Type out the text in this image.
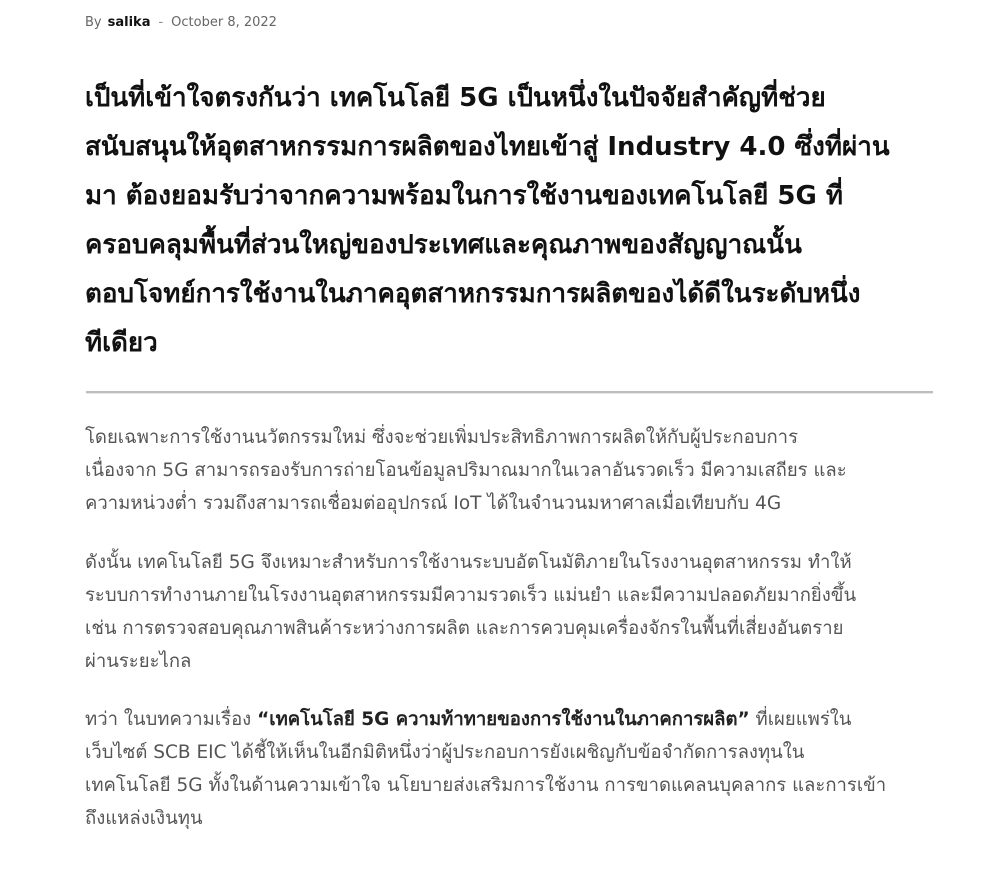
By salika - October 8, 2022
เป็นที่เข้าใจตรงกันว่า เทคโนโลยี 5G เป็นหนึ่งในปัจจัยสำคัญที่ช่วย
สนับสนุนให้อุตสาหกรรมการผลิตของไทยเข้าสู่ Industry 4.0 ซึ่งที่ผ่าน
มา ต้องยอมรับว่าจากความพร้อมในการใช้งานของเทคโนโลยี 5G ที่
ครอบคลุมพื้นที่ส่วนใหญ่ของประเทศและคุณภาพของสัญญาณนั้น
ตอบโจทย์การใช้งานในภาคอุตสาหกรรมการผลิตของได้ดีในระดับหนึ่ง
ทีเดียว

โดยเฉพาะการใช้งานนวัตกรรมใหม่ ซึ่งจะช่วยเพิ่มประสิทธิภาพการผลิตให้กับผู้ประกอบการ
เนื่องจาก 5G สามารถรองรับการถ่ายโอนข้อมูลปริมาณมากในเวลาอันรวดเร็ว มีความเสถียร และ
ความหน่วงต่ำ รวมถึงสามารถเชื่อมต่ออุปกรณ์ IoT ได้ในจำนวนมหาศาลเมื่อเทียบกับ 4G

ดังนั้น เทคโนโลยี 5G จึงเหมาะสำหรับการใช้งานระบบอัตโนมัติภายในโรงงานอุตสาหกรรม ทำให้
ระบบการทำงานภายในโรงงานอุตสาหกรรมมีความรวดเร็ว แม่นยำ และมีความปลอดภัยมากยิ่งขึ้น
เช่น การตรวจสอบคุณภาพสินค้าระหว่างการผลิต และการควบคุมเครื่องจักรในพื้นที่เสี่ยงอันตราย
ผ่านระยะไกล

ทว่า ในบทความเรื่อง “เทคโนโลยี 5G ความท้าทายของการใช้งานในภาคการผลิต” ที่เผยแพร่ใน
เว็บไซต์ SCB EIC ได้ชี้ให้เห็นในอีกมิติหนึ่งว่าผู้ประกอบการยังเผชิญกับข้อจำกัดการลงทุนใน
เทคโนโลยี 5G ทั้งในด้านความเข้าใจ นโยบายส่งเสริมการใช้งาน การขาดแคลนบุคลากร และการเข้า
ถึงแหล่งเงินทุน
